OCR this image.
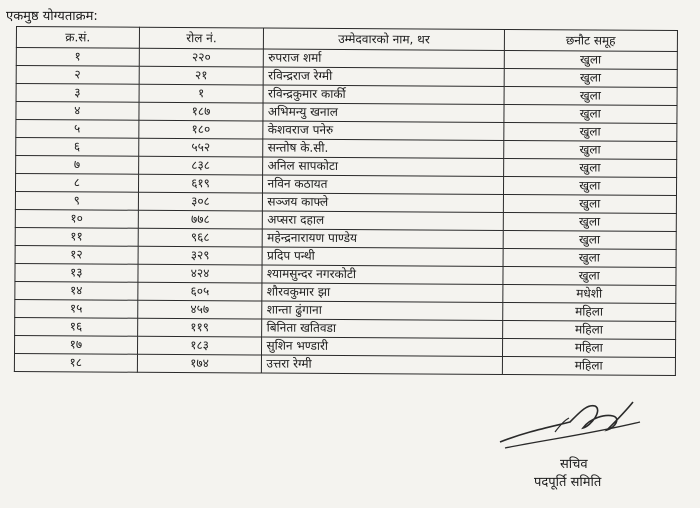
एकमुष्ठ योग्यताक्रम:
क्र.सं.	रोल नं.	उम्मेदवारको नाम, थर	छनौट समूह
१	२२०	रुपराज शर्मा	खुला
२	२१	रविन्द्रराज रेग्मी	खुला
३	१	रविन्द्रकुमार कार्की	खुला
४	१८७	अभिमन्यु खनाल	खुला
५	१८०	केशवराज पनेरु	खुला
६	५५२	सन्तोष के.सी.	खुला
७	८३८	अनिल सापकोटा	खुला
८	६१९	नविन कठायत	खुला
९	३०८	सञ्जय काफ्ले	खुला
१०	७७८	अप्सरा दहाल	खुला
११	९६८	महेन्द्रनारायण पाण्डेय	खुला
१२	३२९	प्रदिप पन्थी	खुला
१३	४२४	श्यामसुन्दर नगरकोटी	खुला
१४	६०५	शौरवकुमार झा	मधेशी
१५	४५७	शान्ता ढुंगाना	महिला
१६	११९	बिनिता खतिवडा	महिला
१७	१८३	सुशिन भण्डारी	महिला
१८	१७४	उत्तरा रेग्मी	महिला
सचिव
पदपूर्ति समिति
